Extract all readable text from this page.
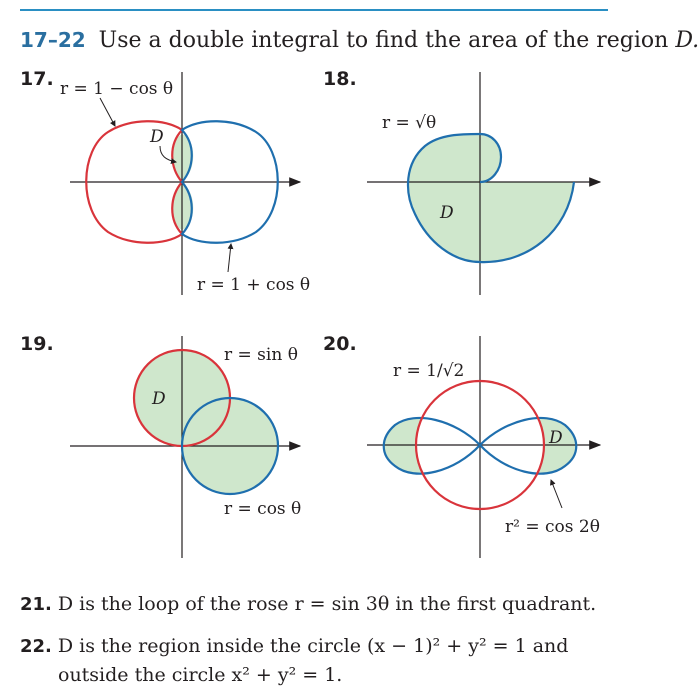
17–22 Use a double integral to find the area of the region D.
17.	18.
19.	20.
r = 1 − cos θ
D
r = 1 + cos θ
r = √θ
D
r = sin θ
D
r = cos θ
r = 1/√2
D
r² = cos 2θ
21. D is the loop of the rose r = sin 3θ in the first quadrant.
22. D is the region inside the circle (x − 1)² + y² = 1 and
outside the circle x² + y² = 1.
